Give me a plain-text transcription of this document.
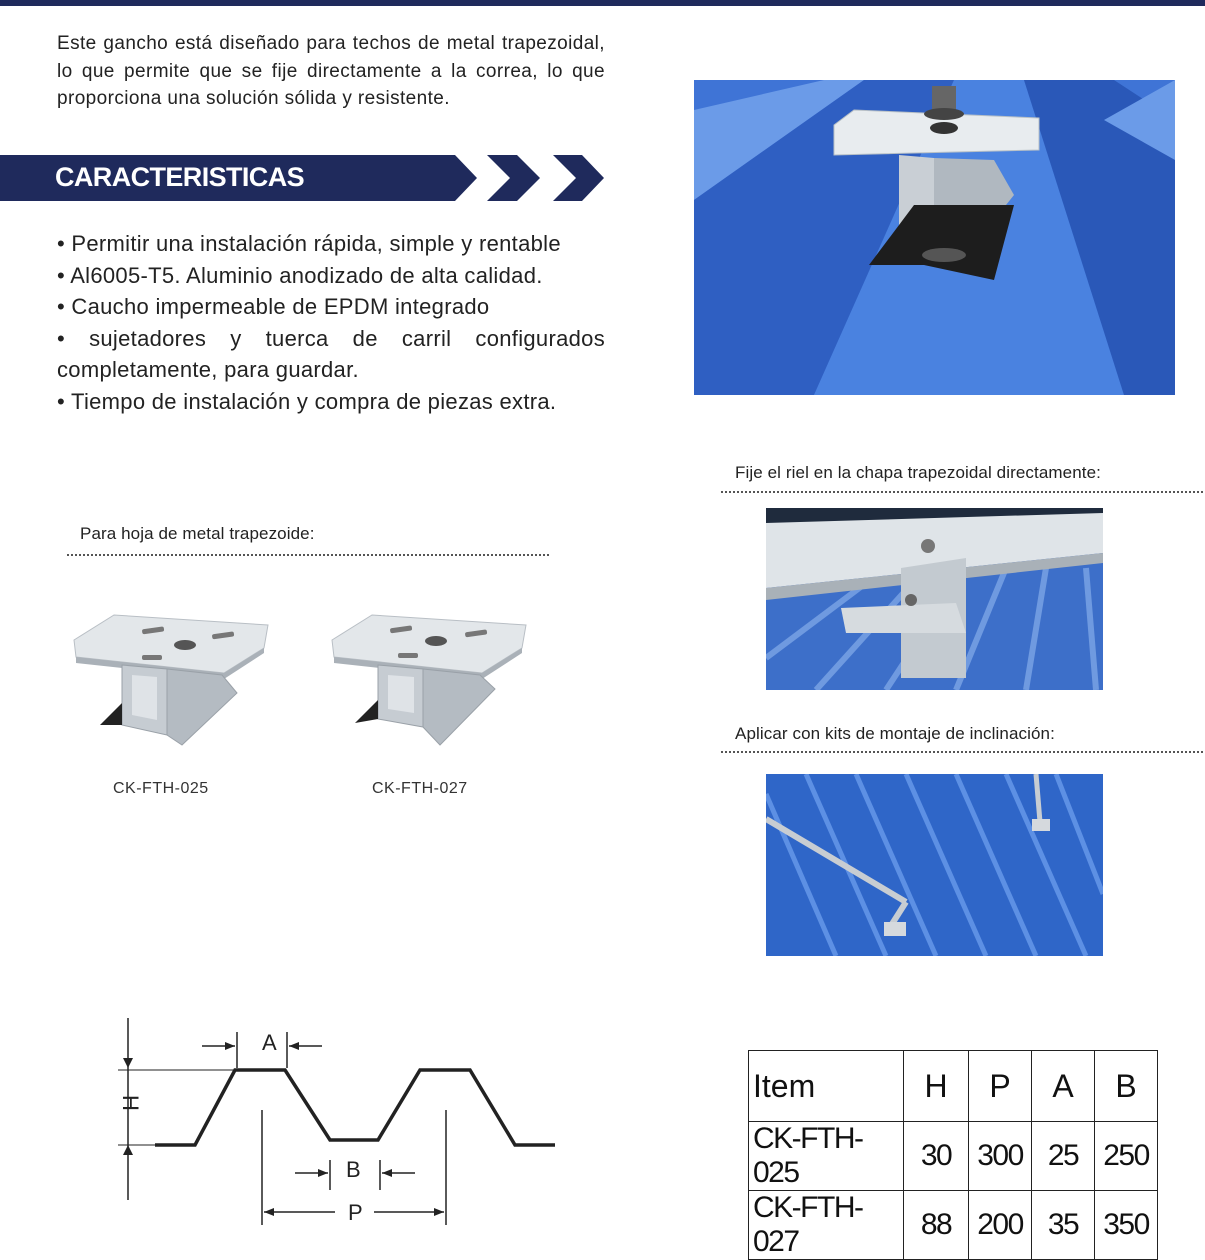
Este gancho está diseñado para techos de metal trapezoidal, lo que permite que se fije directamente a la correa, lo que proporciona una solución sólida y resistente.

CARACTERISTICAS
• Permitir una instalación rápida, simple y rentable
• Al6005-T5. Aluminio anodizado de alta calidad.
• Caucho impermeable de EPDM integrado
• sujetadores y tuerca de carril configurados completamente, para guardar.
• Tiempo de instalación y compra de piezas extra.
Para hoja de metal trapezoide:
CK-FTH-025	CK-FTH-027
Fije el riel en la chapa trapezoidal directamente:
Aplicar con kits de montaje de inclinación:
A
H
B
P
Item	H	P	A	B
CK-FTH-025	30	300	25	250
CK-FTH-027	88	200	35	350
